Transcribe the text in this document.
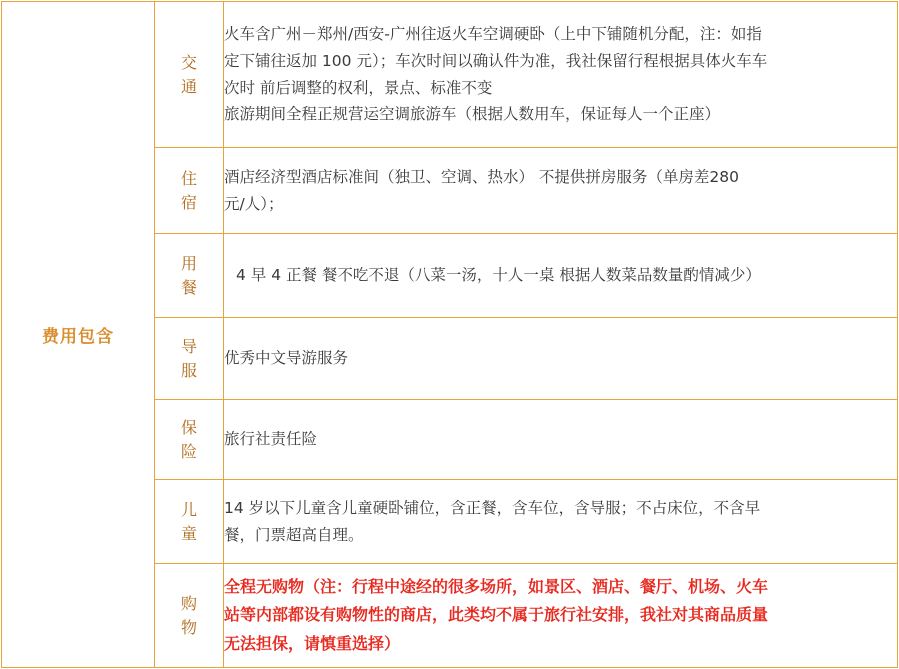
费用包含	交通	火车含广州－郑州/西安-广州往返火车空调硬卧（上中下铺随机分配，注：如指
定下铺往返加 100 元）；车次时间以确认件为准，我社保留行程根据具体火车车
次时 前后调整的权利，景点、标准不变
旅游期间全程正规营运空调旅游车（根据人数用车，保证每人一个正座）

	住宿	酒店经济型酒店标准间（独卫、空调、热水） 不提供拼房服务（单房差280
元/人）；

	用餐	4 早 4 正餐 餐不吃不退（八菜一汤，十人一桌 根据人数菜品数量酌情减少）

	导服	优秀中文导游服务

	保险	旅行社责任险

	儿童	14 岁以下儿童含儿童硬卧铺位，含正餐，含车位，含导服；不占床位，不含早
餐，门票超高自理。

	购物	全程无购物（注：行程中途经的很多场所，如景区、酒店、餐厅、机场、火车
站等内部都设有购物性的商店，此类均不属于旅行社安排，我社对其商品质量
无法担保，请慎重选择）
